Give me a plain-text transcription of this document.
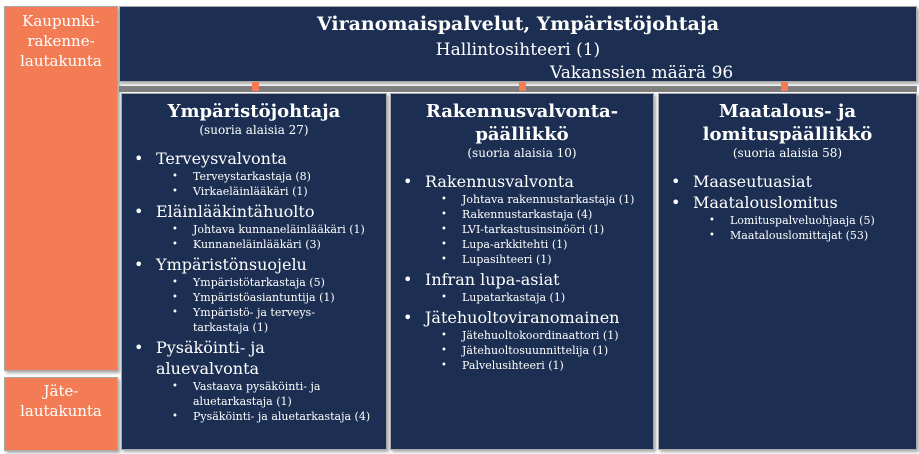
Kaupunki-
rakenne-
lautakunta
Jäte-
lautakunta
Viranomaispalvelut, Ympäristöjohtaja
Hallintosihteeri (1)
Vakanssien määrä 96
Ympäristöjohtaja
(suoria alaisia 27)
• Terveysvalvonta
• Terveystarkastaja (8)
• Virkaeläinlääkäri (1)
• Eläinlääkintähuolto
• Johtava kunnaneläinlääkäri (1)
• Kunnaneläinlääkäri (3)
• Ympäristönsuojelu
• Ympäristötarkastaja (5)
• Ympäristöasiantuntija (1)
• Ympäristö- ja terveys-
tarkastaja (1)
• Pysäköinti- ja
aluevalvonta
• Vastaava pysäköinti- ja
aluetarkastaja (1)
• Pysäköinti- ja aluetarkastaja (4)
Rakennusvalvonta-
päällikkö
(suoria alaisia 10)
• Rakennusvalvonta
• Johtava rakennustarkastaja (1)
• Rakennustarkastaja (4)
• LVI-tarkastusinsinööri (1)
• Lupa-arkkitehti (1)
• Lupasihteeri (1)
• Infran lupa-asiat
• Lupatarkastaja (1)
• Jätehuoltoviranomainen
• Jätehuoltokoordinaattori (1)
• Jätehuoltosuunnittelija (1)
• Palvelusihteeri (1)
Maatalous- ja
lomituspäällikkö
(suoria alaisia 58)
• Maaseutuasiat
• Maatalouslomitus
• Lomituspalveluohjaaja (5)
• Maatalouslomittajat (53)
